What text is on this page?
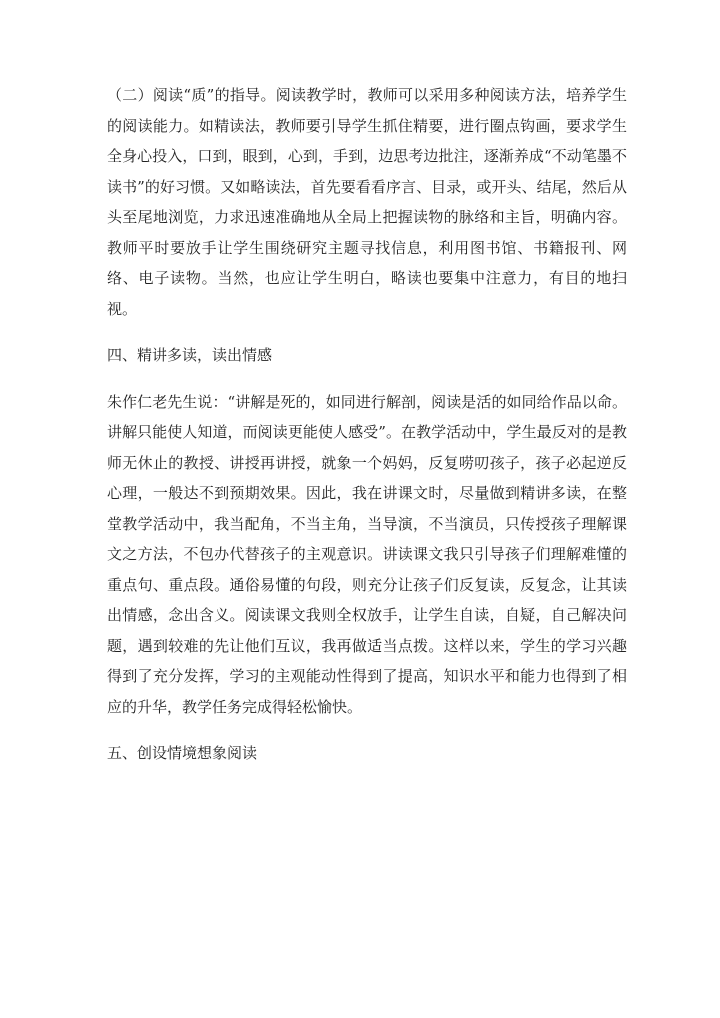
（二）阅读“质”的指导。阅读教学时，教师可以采用多种阅读方法，培养学生的阅读能力。如精读法，教师要引导学生抓住精要，进行圈点钩画，要求学生全身心投入，口到，眼到，心到，手到，边思考边批注，逐渐养成“不动笔墨不读书”的好习惯。又如略读法，首先要看看序言、目录，或开头、结尾，然后从头至尾地浏览，力求迅速准确地从全局上把握读物的脉络和主旨，明确内容。教师平时要放手让学生围绕研究主题寻找信息，利用图书馆、书籍报刊、网络、电子读物。当然，也应让学生明白，略读也要集中注意力，有目的地扫视。

四、精讲多读，读出情感

朱作仁老先生说：“讲解是死的，如同进行解剖，阅读是活的如同给作品以命。讲解只能使人知道，而阅读更能使人感受”。在教学活动中，学生最反对的是教师无休止的教授、讲授再讲授，就象一个妈妈，反复唠叨孩子，孩子必起逆反心理，一般达不到预期效果。因此，我在讲课文时，尽量做到精讲多读，在整堂教学活动中，我当配角，不当主角，当导演，不当演员，只传授孩子理解课文之方法，不包办代替孩子的主观意识。讲读课文我只引导孩子们理解难懂的重点句、重点段。通俗易懂的句段，则充分让孩子们反复读，反复念，让其读出情感，念出含义。阅读课文我则全权放手，让学生自读，自疑，自己解决问题，遇到较难的先让他们互议，我再做适当点拨。这样以来，学生的学习兴趣得到了充分发挥，学习的主观能动性得到了提高，知识水平和能力也得到了相应的升华，教学任务完成得轻松愉快。

五、创设情境想象阅读
